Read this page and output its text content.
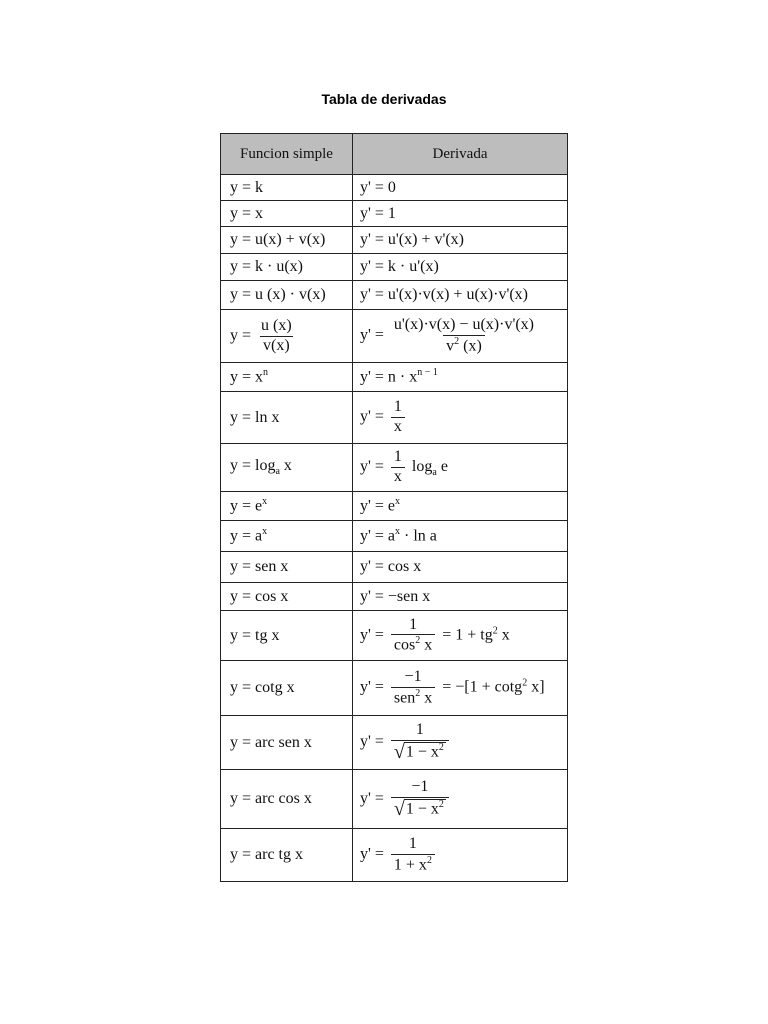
Tabla de derivadas
Funcion simple	Derivada
y = k	y' = 0
y = x	y' = 1
y = u(x) + v(x)	y' = u'(x) + v'(x)
y = k · u(x)	y' = k · u'(x)
y = u (x) · v(x)	y' = u'(x)·v(x) + u(x)·v'(x)
$y = \frac{u (x)}{v(x)}$	$y' = \frac{u'(x)\cdot v(x) - u(x)\cdot v'(x)}{v^2 (x)}$

$y = x^n$	$y' = n \cdot x^{n - 1}$
y = ln x	$y' = \frac{1}{x}$

$y = \log_a x$	$y' = \frac{1}{x} \log_a e$
$y = e^x$	$y' = e^x$
$y = a^x$	$y' = a^x \cdot \ln a$
y = sen x	y' = cos x
y = cos x	y' = −sen x
y = tg x	$y' = \frac{1}{\cos^2 x} = 1 + tg^2$ x
y = cotg x	$y' = \frac{-1}{sen^2 x} = -[1 + \cot g^2$ x]
y = arc sen x	$y' = \frac{1}{√ 1 - x^2}$

y = arc cos x	$y' = \frac{-1}{√ 1 - x^2}$

y = arc tg x	$y' = \frac{1}{1 + x^2}$
